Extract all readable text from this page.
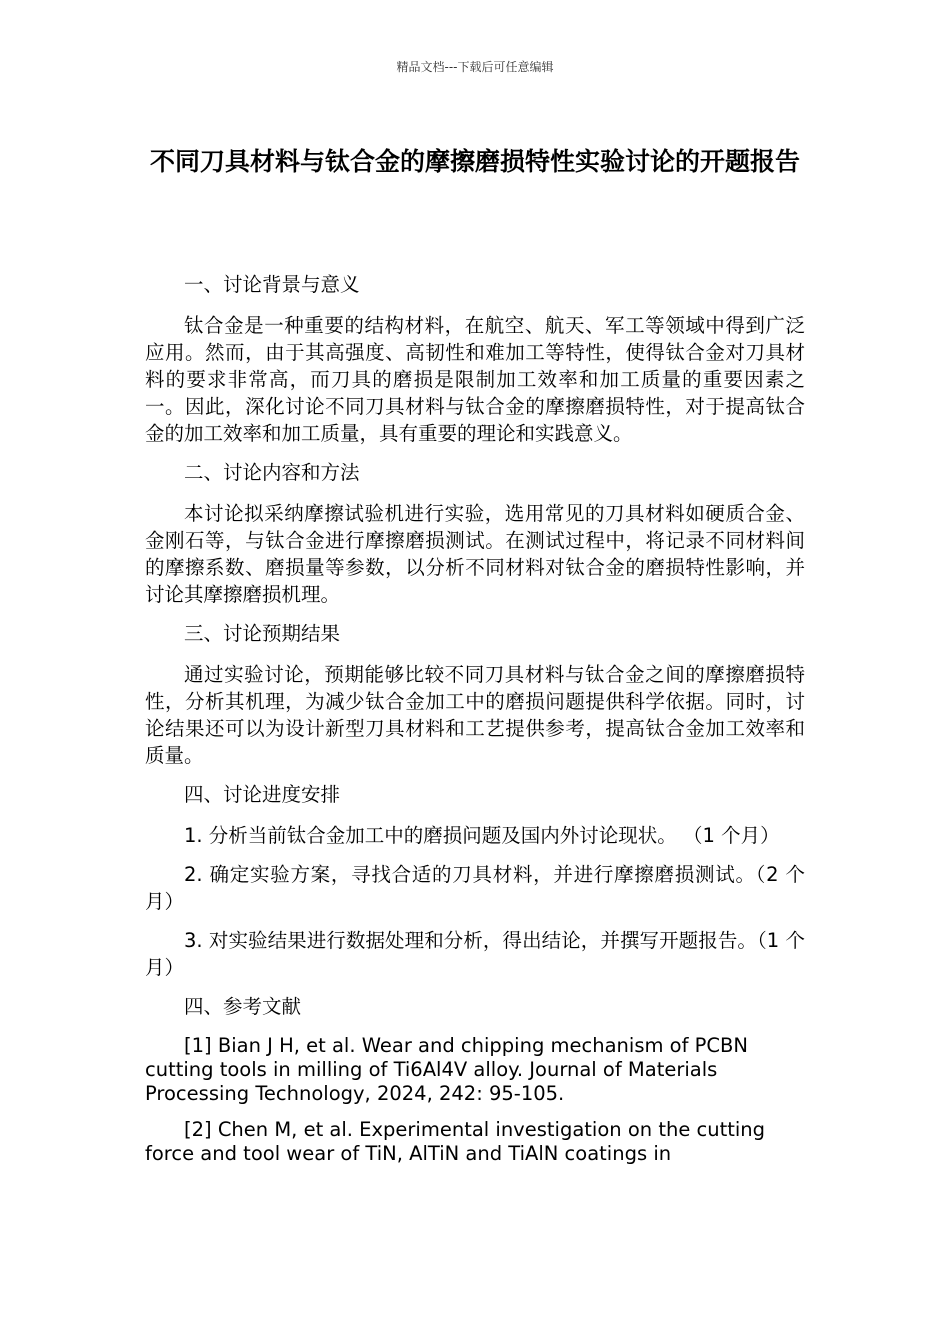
精品文档---下载后可任意编辑
不同刀具材料与钛合金的摩擦磨损特性实验讨论的开题报告

一、讨论背景与意义

钛合金是一种重要的结构材料，在航空、航天、军工等领域中得到广泛应用。然而，由于其高强度、高韧性和难加工等特性，使得钛合金对刀具材料的要求非常高，而刀具的磨损是限制加工效率和加工质量的重要因素之一。因此，深化讨论不同刀具材料与钛合金的摩擦磨损特性，对于提高钛合金的加工效率和加工质量，具有重要的理论和实践意义。

二、讨论内容和方法

本讨论拟采纳摩擦试验机进行实验，选用常见的刀具材料如硬质合金、金刚石等，与钛合金进行摩擦磨损测试。在测试过程中，将记录不同材料间的摩擦系数、磨损量等参数，以分析不同材料对钛合金的磨损特性影响，并讨论其摩擦磨损机理。

三、讨论预期结果

通过实验讨论，预期能够比较不同刀具材料与钛合金之间的摩擦磨损特性，分析其机理，为减少钛合金加工中的磨损问题提供科学依据。同时，讨论结果还可以为设计新型刀具材料和工艺提供参考，提高钛合金加工效率和质量。

四、讨论进度安排

1. 分析当前钛合金加工中的磨损问题及国内外讨论现状。 （1 个月）

2. 确定实验方案，寻找合适的刀具材料，并进行摩擦磨损测试。（2 个月）

3. 对实验结果进行数据处理和分析，得出结论，并撰写开题报告。（1 个月）

四、参考文献

[1] Bian J H, et al. Wear and chipping mechanism of PCBN cutting tools in milling of Ti6Al4V alloy. Journal of Materials Processing Technology, 2024, 242: 95-105.

[2] Chen M, et al. Experimental investigation on the cutting force and tool wear of TiN, AlTiN and TiAlN coatings in
